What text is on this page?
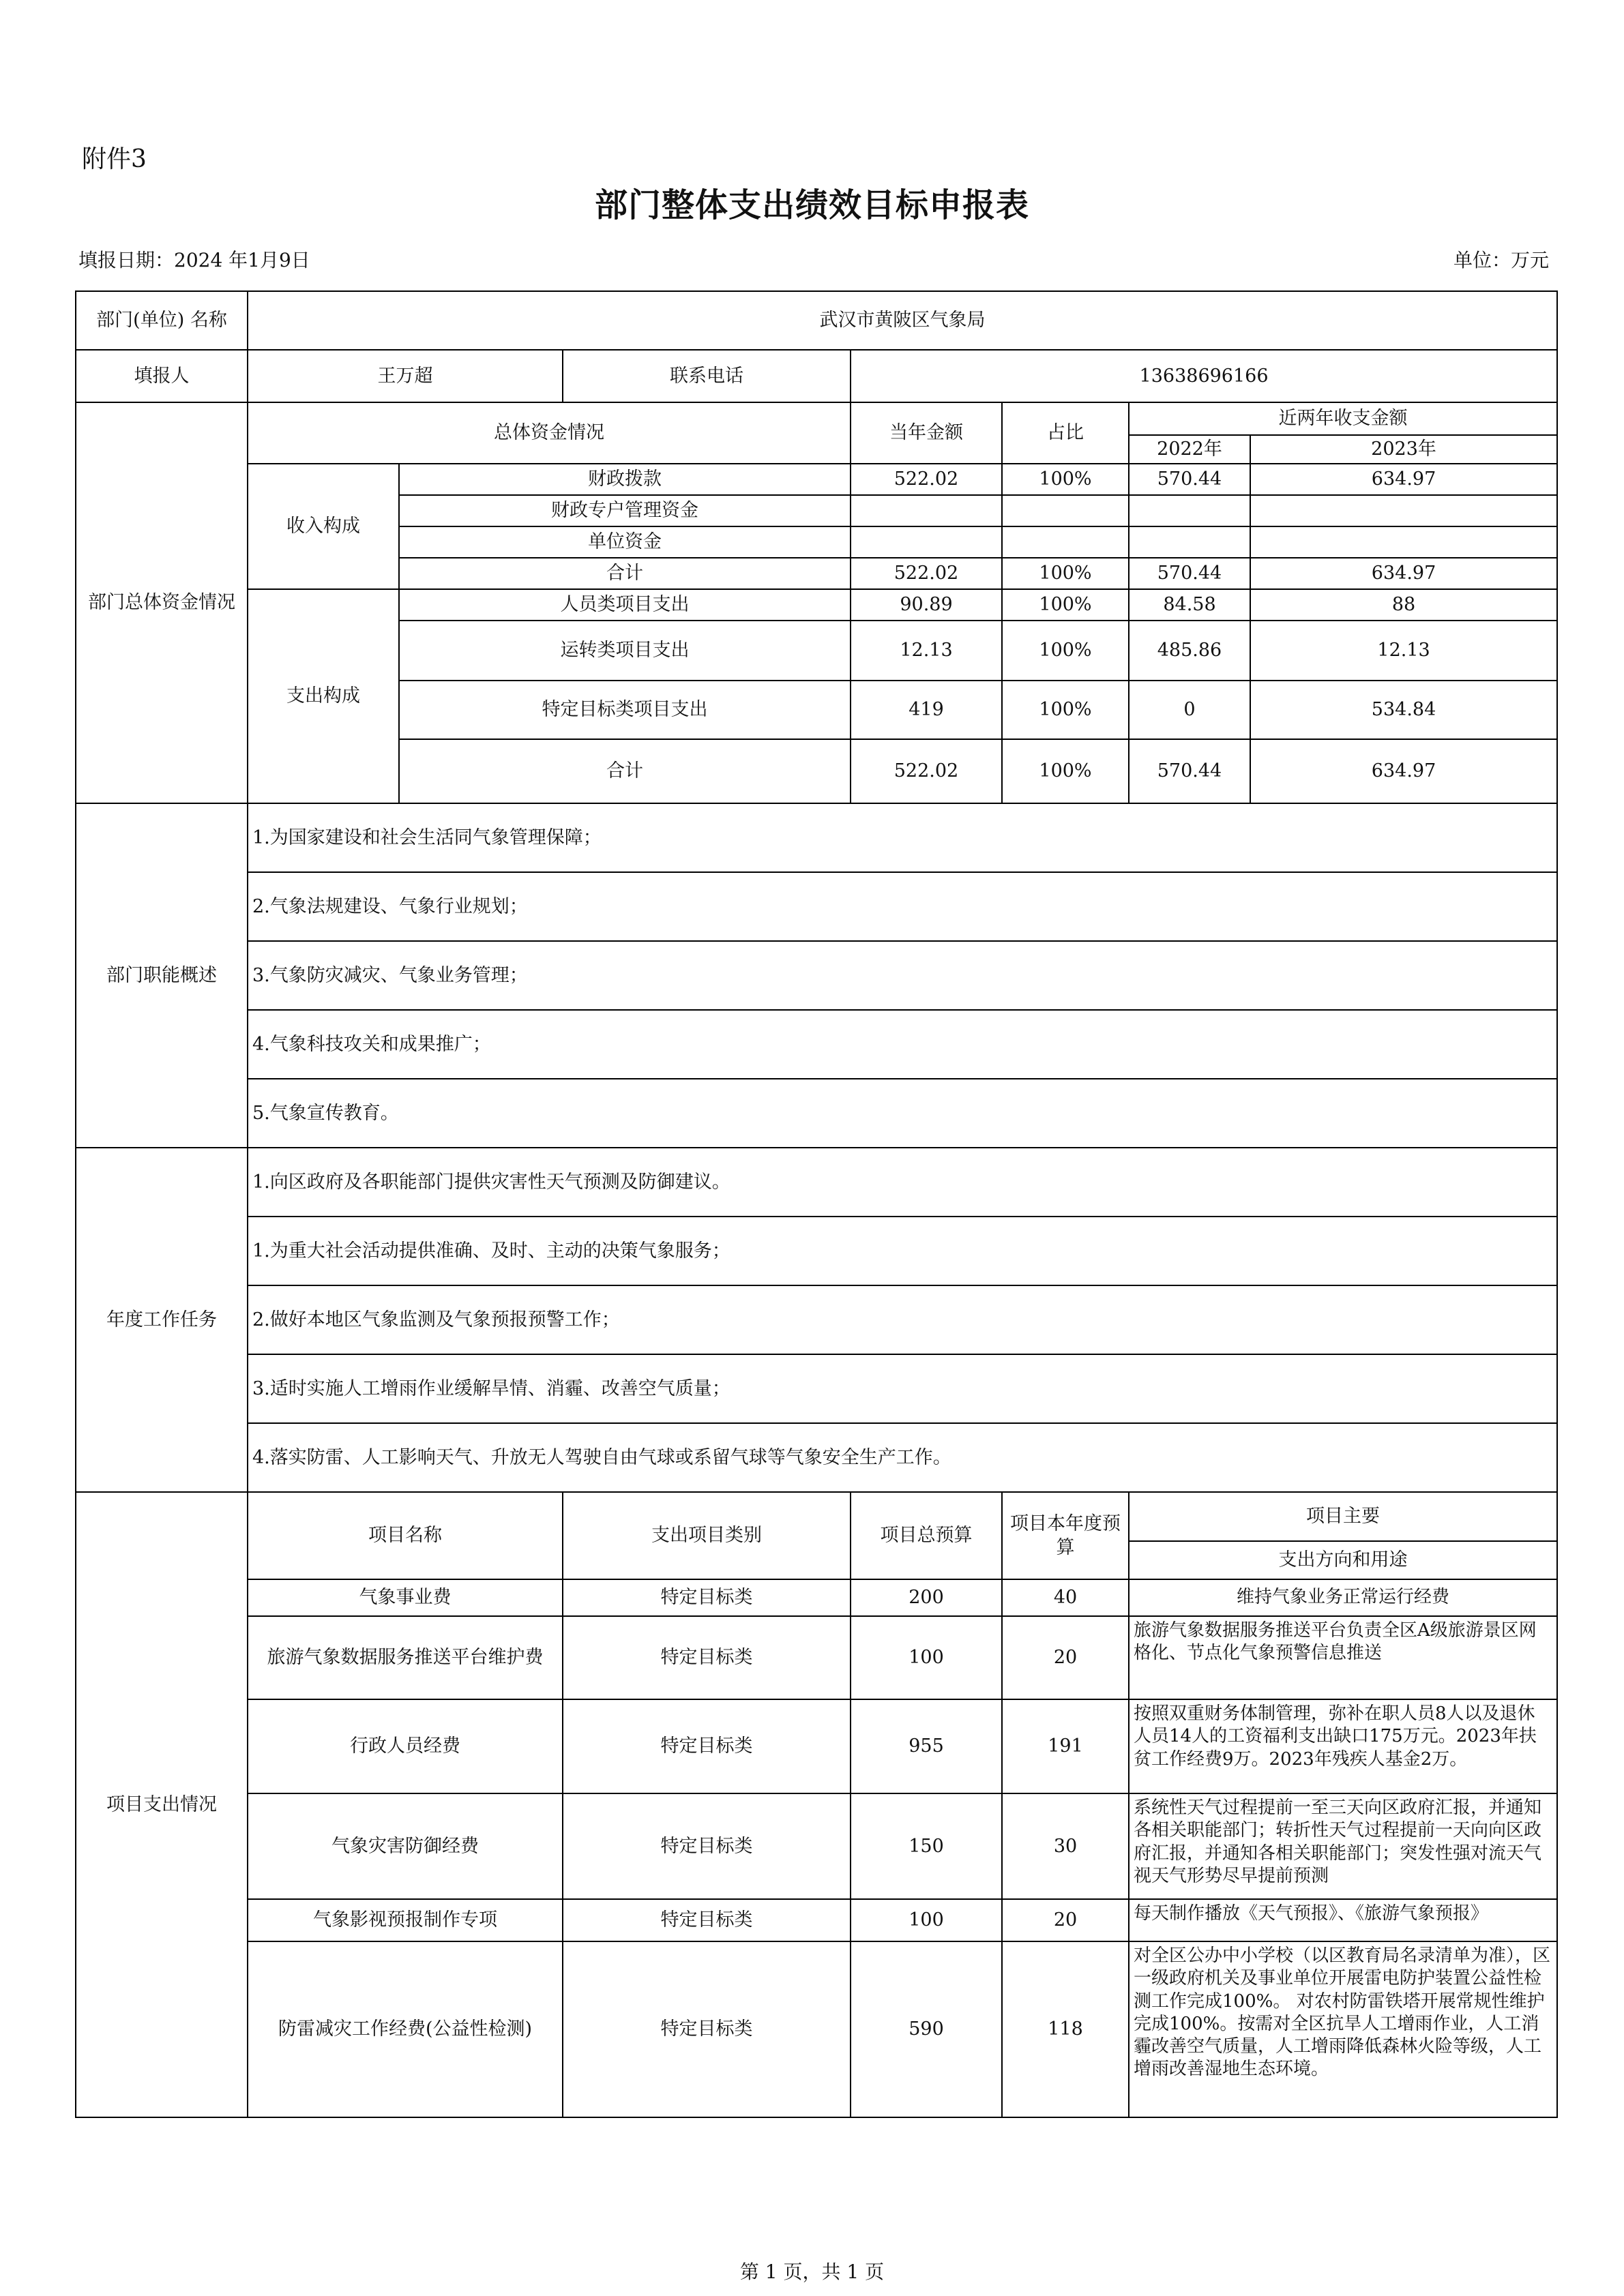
附件3
部门整体支出绩效目标申报表
填报日期：2024 年1月9日	单位：万元
部门(单位) 名称	武汉市黄陂区气象局						
填报人	王万超		联系电话	13638696166			
部门总体资金情况	总体资金情况			当年金额	占比	近两年收支金额	
						2022年	2023年
	收入构成	财政拨款		522.02	100%	570.44	634.97
		财政专户管理资金					
		单位资金					
		合计		522.02	100%	570.44	634.97
	支出构成	人员类项目支出		90.89	100%	84.58	88
		运转类项目支出		12.13	100%	485.86	12.13
		特定目标类项目支出		419	100%	0	534.84
		合计		522.02	100%	570.44	634.97

部门职能概述	1.为国家建设和社会生活同气象管理保障；						
	2.气象法规建设、气象行业规划；						
	3.气象防灾减灾、气象业务管理；						
	4.气象科技攻关和成果推广；						
	5.气象宣传教育。						
年度工作任务	1.向区政府及各职能部门提供灾害性天气预测及防御建议。						
	1.为重大社会活动提供准确、及时、主动的决策气象服务；						
	2.做好本地区气象监测及气象预报预警工作；						
	3.适时实施人工增雨作业缓解旱情、消霾、改善空气质量；						
	4.落实防雷、人工影响天气、升放无人驾驶自由气球或系留气球等气象安全生产工作。						
项目支出情况	项目名称		支出项目类别	项目总预算	项目本年度预算	项目主要	
						支出方向和用途	
	气象事业费		特定目标类	200	40	维持气象业务正常运行经费	
	旅游气象数据服务推送平台维护费		特定目标类	100	20	旅游气象数据服务推送平台负责全区A级旅游景区网格化、节点化气象预警信息推送	
	行政人员经费		特定目标类	955	191	按照双重财务体制管理，弥补在职人员8人以及退休人员14人的工资福利支出缺口175万元。2023年扶贫工作经费9万。2023年残疾人基金2万。	
	气象灾害防御经费		特定目标类	150	30	系统性天气过程提前一至三天向区政府汇报，并通知各相关职能部门；转折性天气过程提前一天向向区政府汇报，并通知各相关职能部门；突发性强对流天气视天气形势尽早提前预测	
	气象影视预报制作专项		特定目标类	100	20	每天制作播放《天气预报》、《旅游气象预报》	
	防雷减灾工作经费(公益性检测)		特定目标类	590	118	对全区公办中小学校（以区教育局名录清单为准），区一级政府机关及事业单位开展雷电防护装置公益性检测工作完成100%。 对农村防雷铁塔开展常规性维护完成100%。按需对全区抗旱人工增雨作业，人工消霾改善空气质量，人工增雨降低森林火险等级，人工增雨改善湿地生态环境。	
第 1 页，共 1 页
